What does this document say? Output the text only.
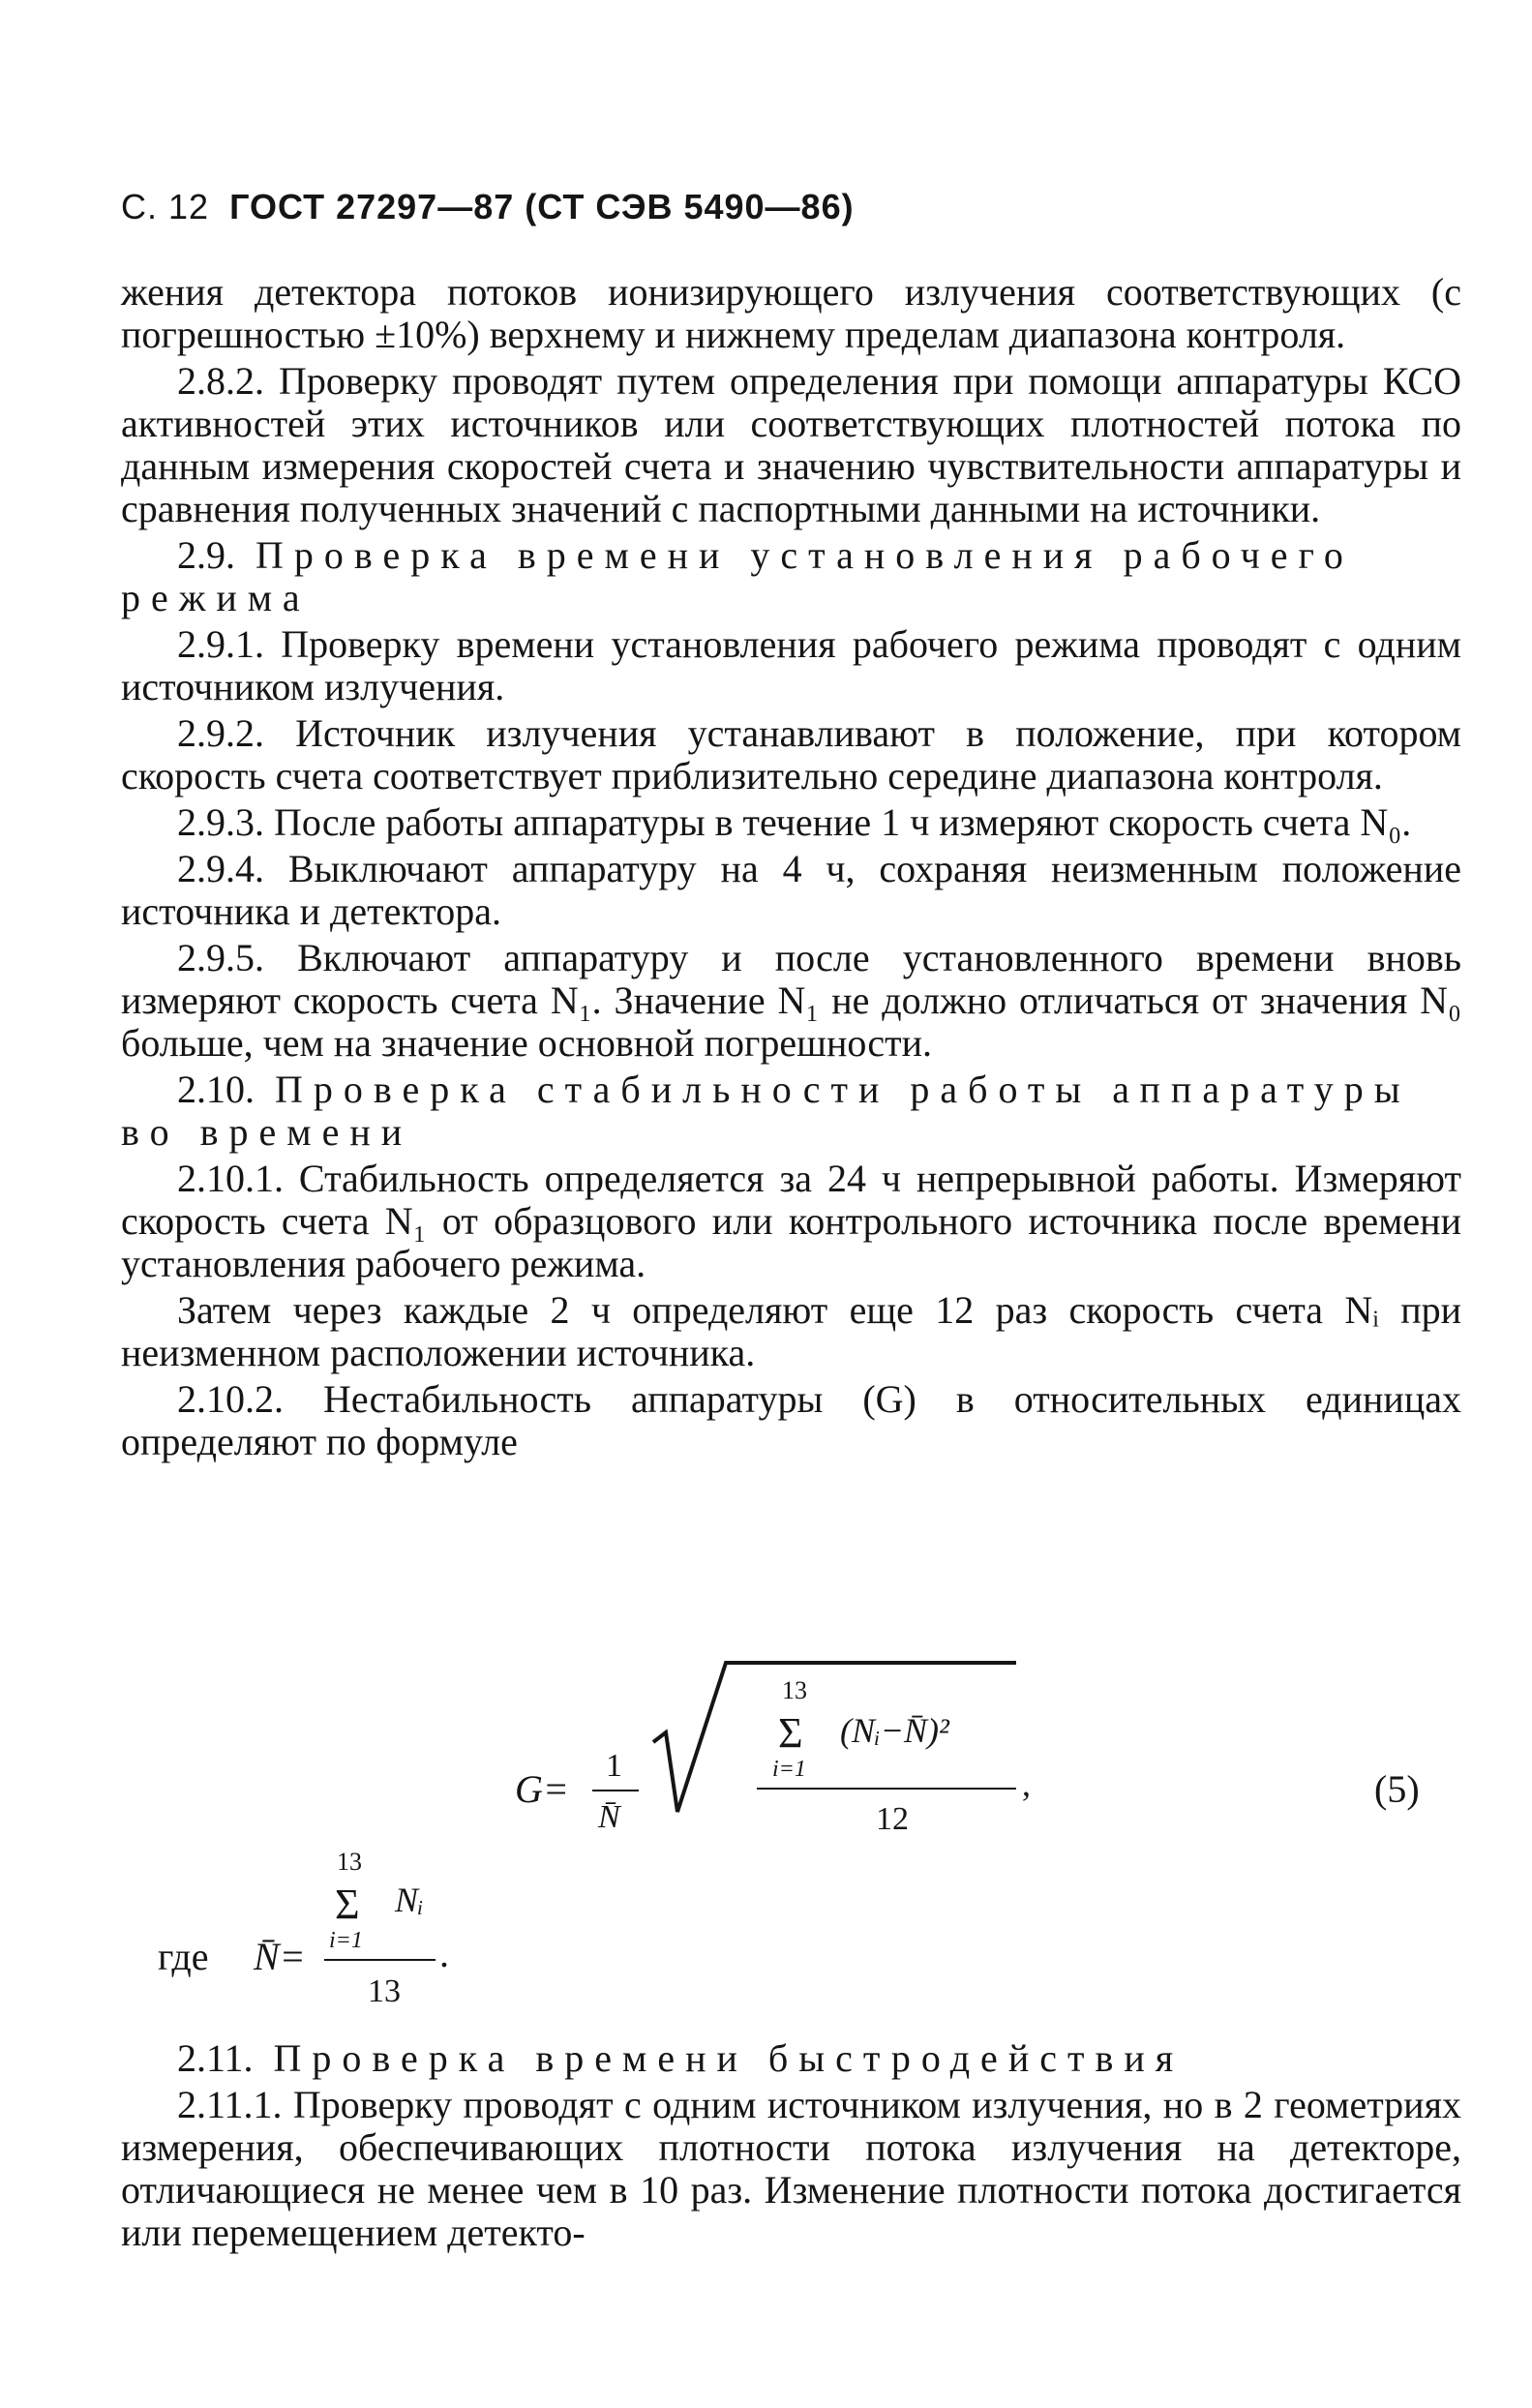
С. 12 ГОСТ 27297—87 (СТ СЭВ 5490—86)

жения детектора потоков ионизирующего излучения соответствующих (с погрешностью ±10%) верхнему и нижнему пределам диапазона контроля.

2.8.2. Проверку проводят путем определения при помощи аппаратуры КСО активностей этих источников или соответствующих плотностей потока по данным измерения скоростей счета и значению чувствительности аппаратуры и сравнения полученных значений с паспортными данными на источники.

2.9. Проверка времени установления рабочего режима

2.9.1. Проверку времени установления рабочего режима проводят с одним источником излучения.

2.9.2. Источник излучения устанавливают в положение, при котором скорость счета соответствует приблизительно середине диапазона контроля.

2.9.3. После работы аппаратуры в течение 1 ч измеряют скорость счета N₀.

2.9.4. Выключают аппаратуру на 4 ч, сохраняя неизменным положение источника и детектора.

2.9.5. Включают аппаратуру и после установленного времени вновь измеряют скорость счета N₁. Значение N₁ не должно отличаться от значения N₀ больше, чем на значение основной погрешности.

2.10. Проверка стабильности работы аппаратуры во времени

2.10.1. Стабильность определяется за 24 ч непрерывной работы. Измеряют скорость счета N₁ от образцового или контрольного источника после времени установления рабочего режима.

Затем через каждые 2 ч определяют еще 12 раз скорость счета Nᵢ при неизменном расположении источника.

2.10.2. Нестабильность аппаратуры (G) в относительных единицах определяют по формуле

G=
1
N̄
13
Σ
i=1
(Nᵢ−N̄)²
12
,	(5)
где N̄=
13
Σ
i=1
Nᵢ
13
.

2.11. Проверка времени быстродействия

2.11.1. Проверку проводят с одним источником излучения, но в 2 геометриях измерения, обеспечивающих плотности потока излучения на детекторе, отличающиеся не менее чем в 10 раз. Изменение плотности потока достигается или перемещением детекто-
